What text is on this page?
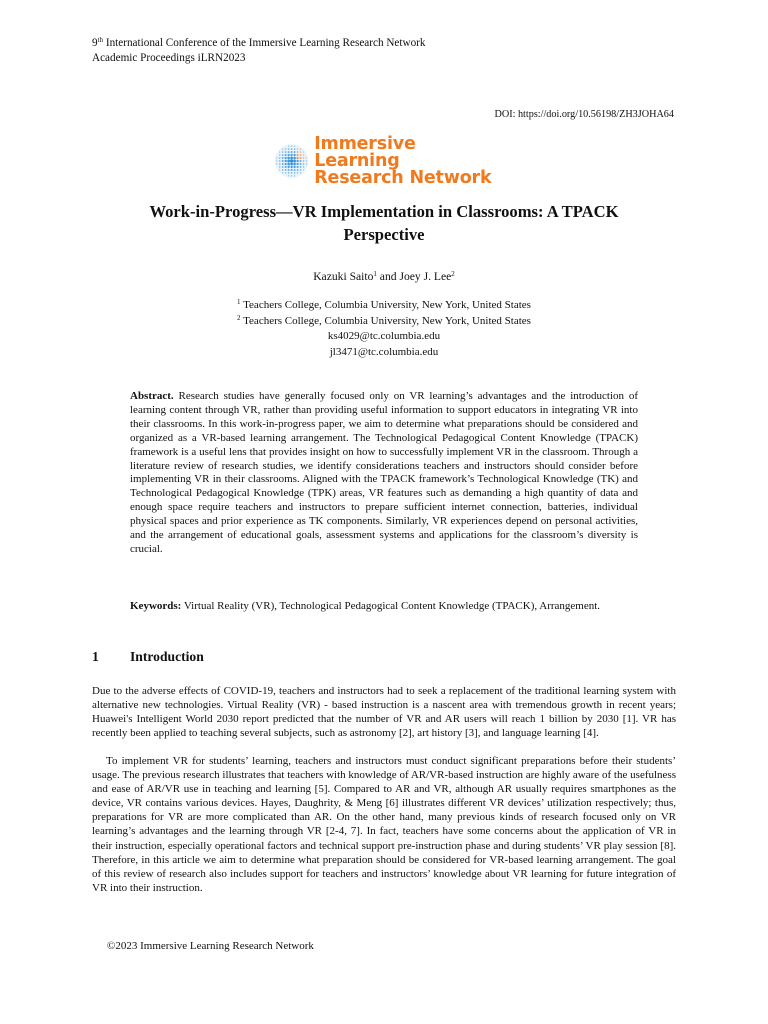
9th International Conference of the Immersive Learning Research Network
Academic Proceedings iLRN2023
DOI: https://doi.org/10.56198/ZH3JOHA64
Immersive Learning
Research Network
Work-in-Progress—VR Implementation in Classrooms: A TPACK
Perspective
Kazuki Saito$^1$ and Joey J. Lee$^2$
$^1$ Teachers College, Columbia University, New York, United States
$^2$ Teachers College, Columbia University, New York, United States
ks4029@tc.columbia.edu
jl3471@tc.columbia.edu
Abstract. Research studies have generally focused only on VR learning’s advantages and the introduction of learning content through VR, rather than providing useful information to support educators in integrating VR into their classrooms. In this work-in-progress paper, we aim to determine what preparations should be considered and organized as a VR-based learning arrangement. The Technological Pedagogical Content Knowledge (TPACK) framework is a useful lens that provides insight on how to successfully implement VR in the classroom. Through a literature review of research studies, we identify considerations teachers and instructors should consider before implementing VR in their classrooms. Aligned with the TPACK framework’s Technological Knowledge (TK) and Technological Pedagogical Knowledge (TPK) areas, VR features such as demanding a high quantity of data and enough space require teachers and instructors to prepare sufficient internet connection, batteries, individual physical spaces and prior experience as TK components. Similarly, VR experiences depend on personal activities, and the arrangement of educational goals, assessment systems and applications for the classroom’s diversity is crucial.
Keywords: Virtual Reality (VR), Technological Pedagogical Content Knowledge (TPACK), Arrangement.
1 Introduction
Due to the adverse effects of COVID-19, teachers and instructors had to seek a replacement of the traditional learning system with alternative new technologies. Virtual Reality (VR) - based instruction is a nascent area with tremendous growth in recent years; Huawei's Intelligent World 2030 report predicted that the number of VR and AR users will reach 1 billion by 2030 [1]. VR has recently been applied to teaching several subjects, such as astronomy [2], art history [3], and language learning [4].
To implement VR for students’ learning, teachers and instructors must conduct significant preparations before their students’ usage. The previous research illustrates that teachers with knowledge of AR/VR-based instruction are highly aware of the usefulness and ease of AR/VR use in teaching and learning [5]. Compared to AR and VR, although AR usually requires smartphones as the device, VR contains various devices. Hayes, Daughrity, & Meng [6] illustrates different VR devices’ utilization respectively; thus, preparations for VR are more complicated than AR. On the other hand, many previous kinds of research focused only on VR learning’s advantages and the learning through VR [2-4, 7]. In fact, teachers have some concerns about the application of VR in their instruction, especially operational factors and technical support pre-instruction phase and during students’ VR play session [8]. Therefore, in this article we aim to determine what preparation should be considered for VR-based learning arrangement. The goal of this review of research also includes support for teachers and instructors’ knowledge about VR learning for future integration of VR into their instruction.
©2023 Immersive Learning Research Network
